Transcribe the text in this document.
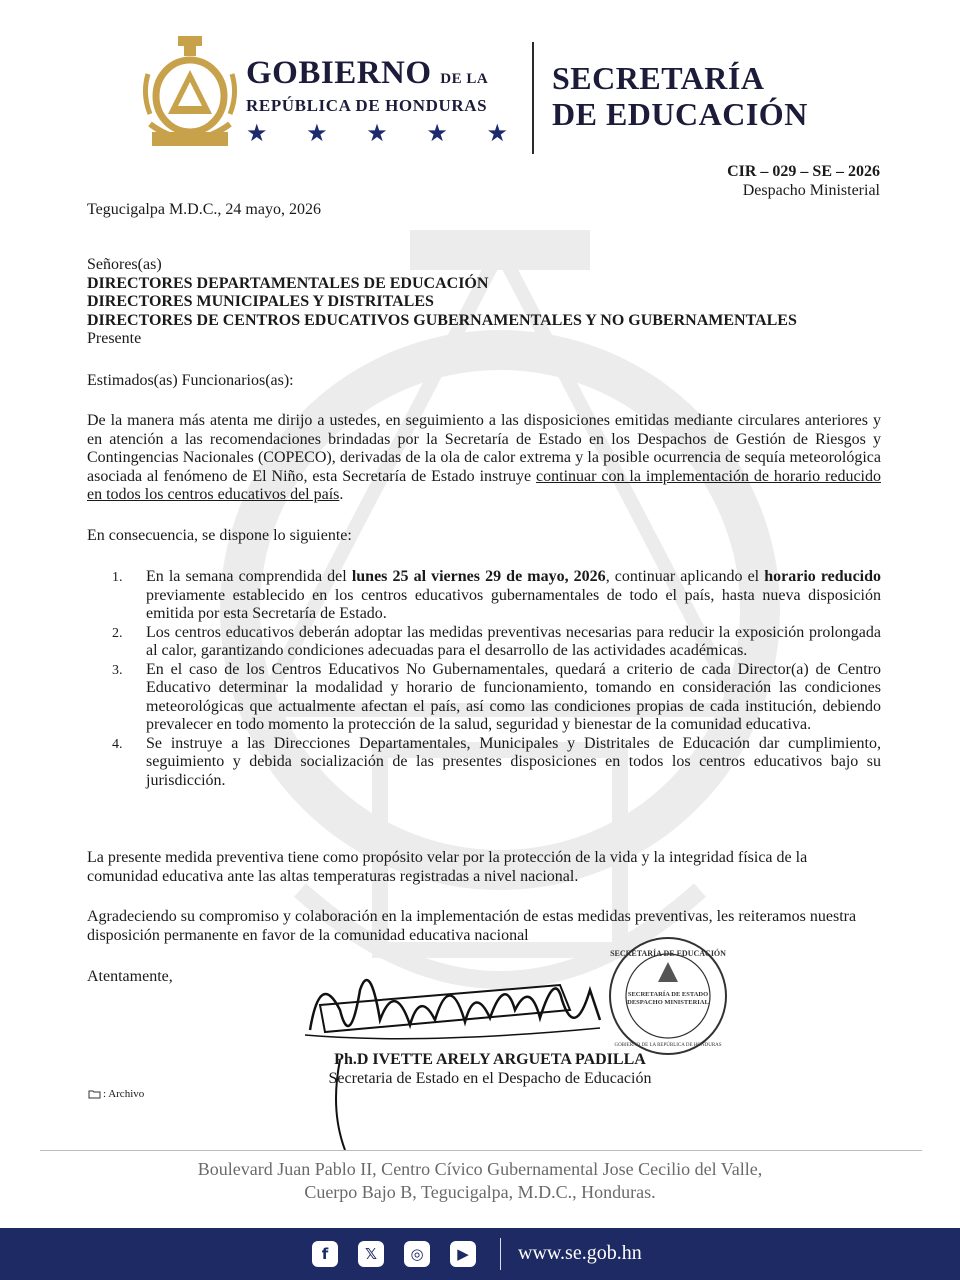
GOBIERNO DE LA
REPÚBLICA DE HONDURAS
★ ★ ★ ★ ★
SECRETARÍA
DE EDUCACIÓN
CIR – 029 – SE – 2026
Despacho Ministerial
Tegucigalpa M.D.C., 24 mayo, 2026
Señores(as)
DIRECTORES DEPARTAMENTALES DE EDUCACIÓN
DIRECTORES MUNICIPALES Y DISTRITALES
DIRECTORES DE CENTROS EDUCATIVOS GUBERNAMENTALES Y NO GUBERNAMENTALES
Presente
Estimados(as) Funcionarios(as):
De la manera más atenta me dirijo a ustedes, en seguimiento a las disposiciones emitidas mediante circulares anteriores y en atención a las recomendaciones brindadas por la Secretaría de Estado en los Despachos de Gestión de Riesgos y Contingencias Nacionales (COPECO), derivadas de la ola de calor extrema y la posible ocurrencia de sequía meteorológica asociada al fenómeno de El Niño, esta Secretaría de Estado instruye continuar con la implementación de horario reducido en todos los centros educativos del país.
En consecuencia, se dispone lo siguiente:
1.	En la semana comprendida del lunes 25 al viernes 29 de mayo, 2026, continuar aplicando el horario reducido previamente establecido en los centros educativos gubernamentales de todo el país, hasta nueva disposición emitida por esta Secretaría de Estado.
2.	Los centros educativos deberán adoptar las medidas preventivas necesarias para reducir la exposición prolongada al calor, garantizando condiciones adecuadas para el desarrollo de las actividades académicas.
3.	En el caso de los Centros Educativos No Gubernamentales, quedará a criterio de cada Director(a) de Centro Educativo determinar la modalidad y horario de funcionamiento, tomando en consideración las condiciones meteorológicas que actualmente afectan el país, así como las condiciones propias de cada institución, debiendo prevalecer en todo momento la protección de la salud, seguridad y bienestar de la comunidad educativa.
4.	Se instruye a las Direcciones Departamentales, Municipales y Distritales de Educación dar cumplimiento, seguimiento y debida socialización de las presentes disposiciones en todos los centros educativos bajo su jurisdicción.
La presente medida preventiva tiene como propósito velar por la protección de la vida y la integridad física de la comunidad educativa ante las altas temperaturas registradas a nivel nacional.
Agradeciendo su compromiso y colaboración en la implementación de estas medidas preventivas, les reiteramos nuestra disposición permanente en favor de la comunidad educativa nacional
Atentamente,
SECRETARÍA DE EDUCACIÓN
SECRETARÍA DE ESTADO
DESPACHO MINISTERIAL
GOBIERNO DE LA REPÚBLICA DE HONDURAS
Ph.D IVETTE ARELY ARGUETA PADILLA
Secretaria de Estado en el Despacho de Educación
: Archivo
Boulevard Juan Pablo II, Centro Cívico Gubernamental Jose Cecilio del Valle,
Cuerpo Bajo B, Tegucigalpa, M.D.C., Honduras.
f	𝕏	◎	▶	www.se.gob.hn
